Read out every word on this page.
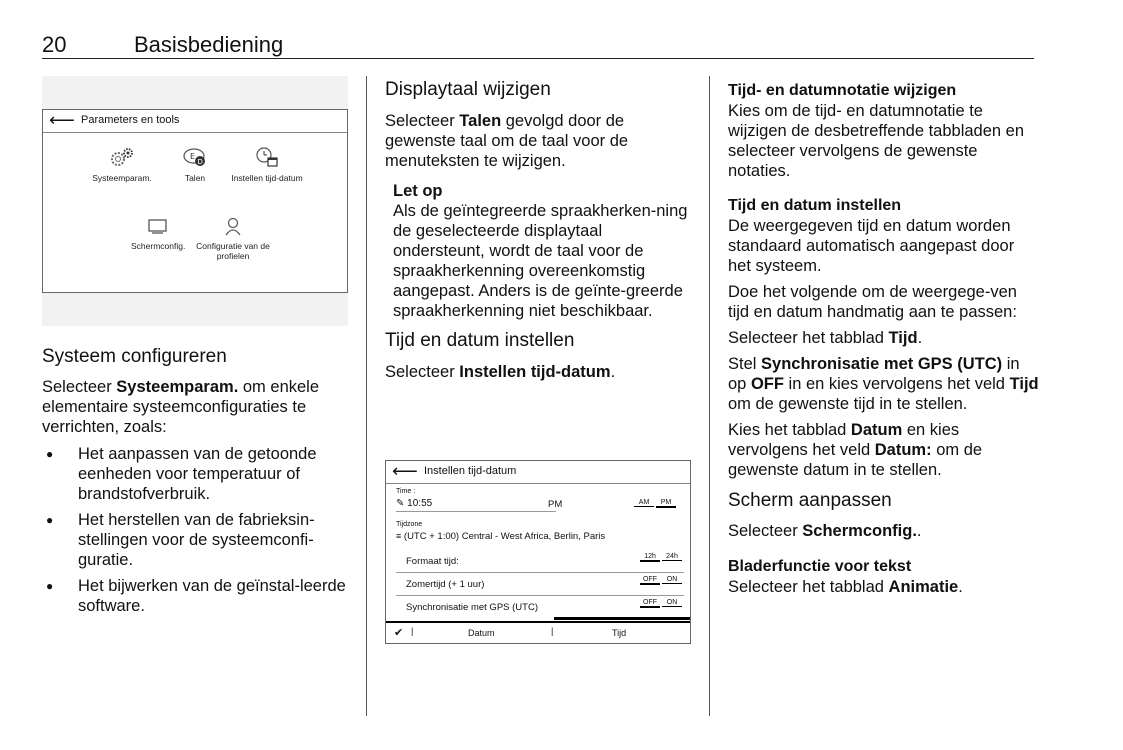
20	Basisbediening
⟵ Parameters en tools
Systeemparam.
E
D
Talen	Instellen tijd-datum
Schermconfig.	Configuratie van de profielen
Systeem configureren

Selecteer Systeemparam. om enkele elementaire systeemconfiguraties te verrichten, zoals:

● Het aanpassen van de getoonde eenheden voor temperatuur of brandstofverbruik.
● Het herstellen van de fabrieksin-stellingen voor de systeemconfi-guratie.
● Het bijwerken van de geïnstal-leerde software.
Displaytaal wijzigen

Selecteer Talen gevolgd door de gewenste taal om de taal voor de menuteksten te wijzigen.

Let op

Als de geïntegreerde spraakherken-ning de geselecteerde displaytaal ondersteunt, wordt de taal voor de spraakherkenning overeenkomstig aangepast. Anders is de geïnte-greerde spraakherkenning niet beschikbaar.

Tijd en datum instellen

Selecteer Instellen tijd-datum.

⟵ Instellen tijd-datum
Time :
✎ 10:55	PM	AM PM
Tijdzone
≡ (UTC + 1:00) Central - West Africa, Berlin, Paris
Formaat tijd:	12h 24h
Zomertijd (+ 1 uur)	OFF ON
Synchronisatie met GPS (UTC)	OFF ON
✔ |	Datum	|	Tijd
Tijd- en datumnotatie wijzigen

Kies om de tijd- en datumnotatie te wijzigen de desbetreffende tabbladen en selecteer vervolgens de gewenste notaties.

Tijd en datum instellen

De weergegeven tijd en datum worden standaard automatisch aangepast door het systeem.

Doe het volgende om de weergege-ven tijd en datum handmatig aan te passen:

Selecteer het tabblad Tijd.

Stel Synchronisatie met GPS (UTC) in op OFF in en kies vervolgens het veld Tijd om de gewenste tijd in te stellen.

Kies het tabblad Datum en kies vervolgens het veld Datum: om de gewenste datum in te stellen.

Scherm aanpassen

Selecteer Schermconfig..

Bladerfunctie voor tekst

Selecteer het tabblad Animatie.
